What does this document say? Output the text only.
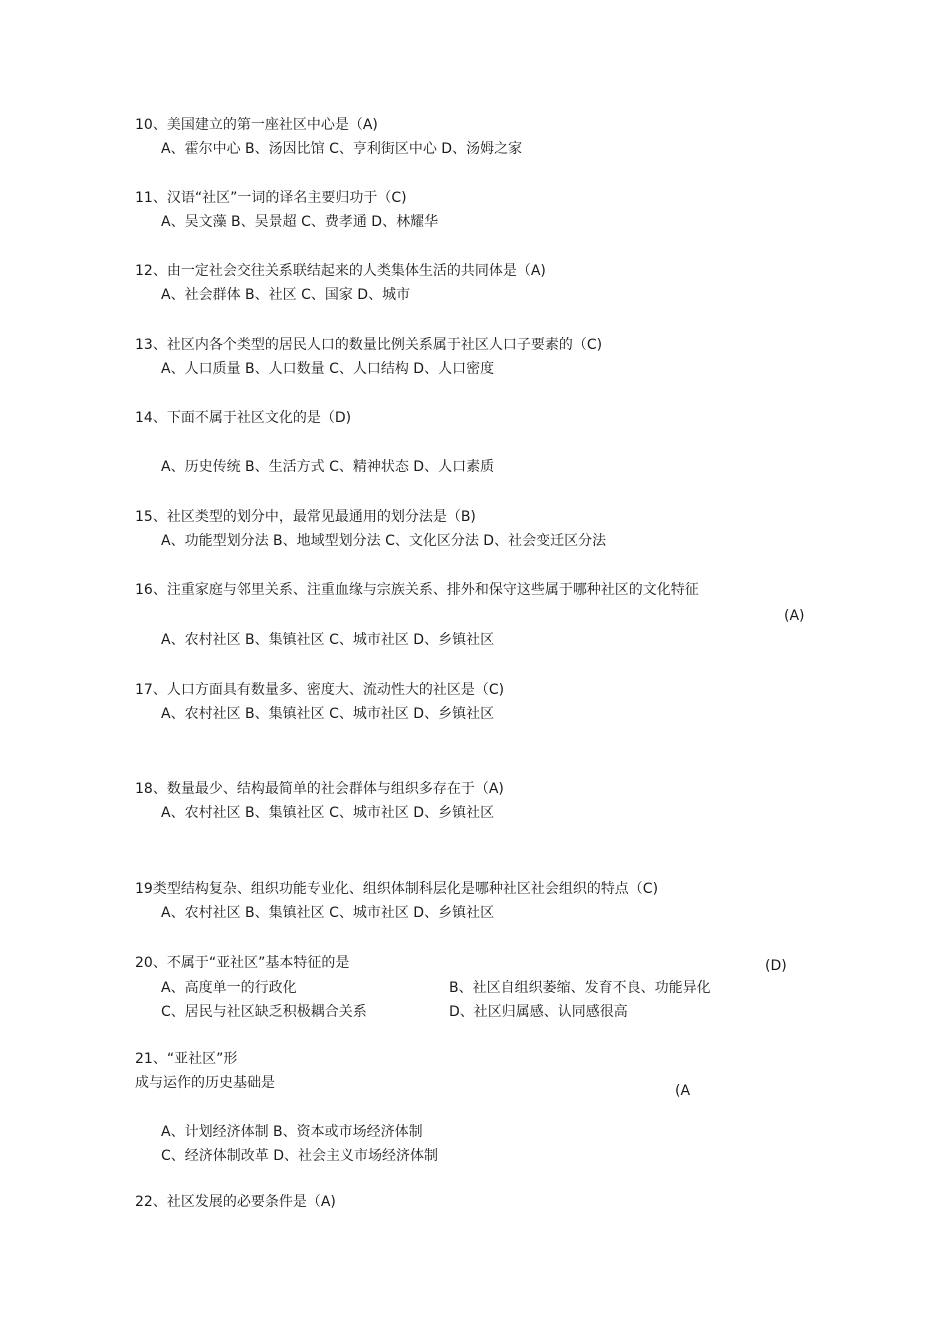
10、美国建立的第一座社区中心是（A)
A、霍尔中心 B、汤因比馆 C、亨利街区中心 D、汤姆之家
11、汉语“社区”一词的译名主要归功于（C)
A、吴文藻 B、吴景超 C、费孝通 D、林耀华
12、由一定社会交往关系联结起来的人类集体生活的共同体是（A)
A、社会群体 B、社区 C、国家 D、城市
13、社区内各个类型的居民人口的数量比例关系属于社区人口子要素的（C)
A、人口质量 B、人口数量 C、人口结构 D、人口密度
14、下面不属于社区文化的是（D)
A、历史传统 B、生活方式 C、精神状态 D、人口素质
15、社区类型的划分中，最常见最通用的划分法是（B)
A、功能型划分法 B、地域型划分法 C、文化区分法 D、社会变迁区分法
16、注重家庭与邻里关系、注重血缘与宗族关系、排外和保守这些属于哪种社区的文化特征
(A)
A、农村社区 B、集镇社区 C、城市社区 D、乡镇社区
17、人口方面具有数量多、密度大、流动性大的社区是（C)
A、农村社区 B、集镇社区 C、城市社区 D、乡镇社区
18、数量最少、结构最简单的社会群体与组织多存在于（A)
A、农村社区 B、集镇社区 C、城市社区 D、乡镇社区
19类型结构复杂、组织功能专业化、组织体制科层化是哪种社区社会组织的特点（C)
A、农村社区 B、集镇社区 C、城市社区 D、乡镇社区
20、不属于“亚社区”基本特征的是	(D)
A、高度单一的行政化	B、社区自组织萎缩、发育不良、功能异化
C、居民与社区缺乏积极耦合关系	D、社区归属感、认同感很高
21、“亚社区”形
成与运作的历史基础是	(A
A、计划经济体制 B、资本或市场经济体制
C、经济体制改革 D、社会主义市场经济体制
22、社区发展的必要条件是（A)
